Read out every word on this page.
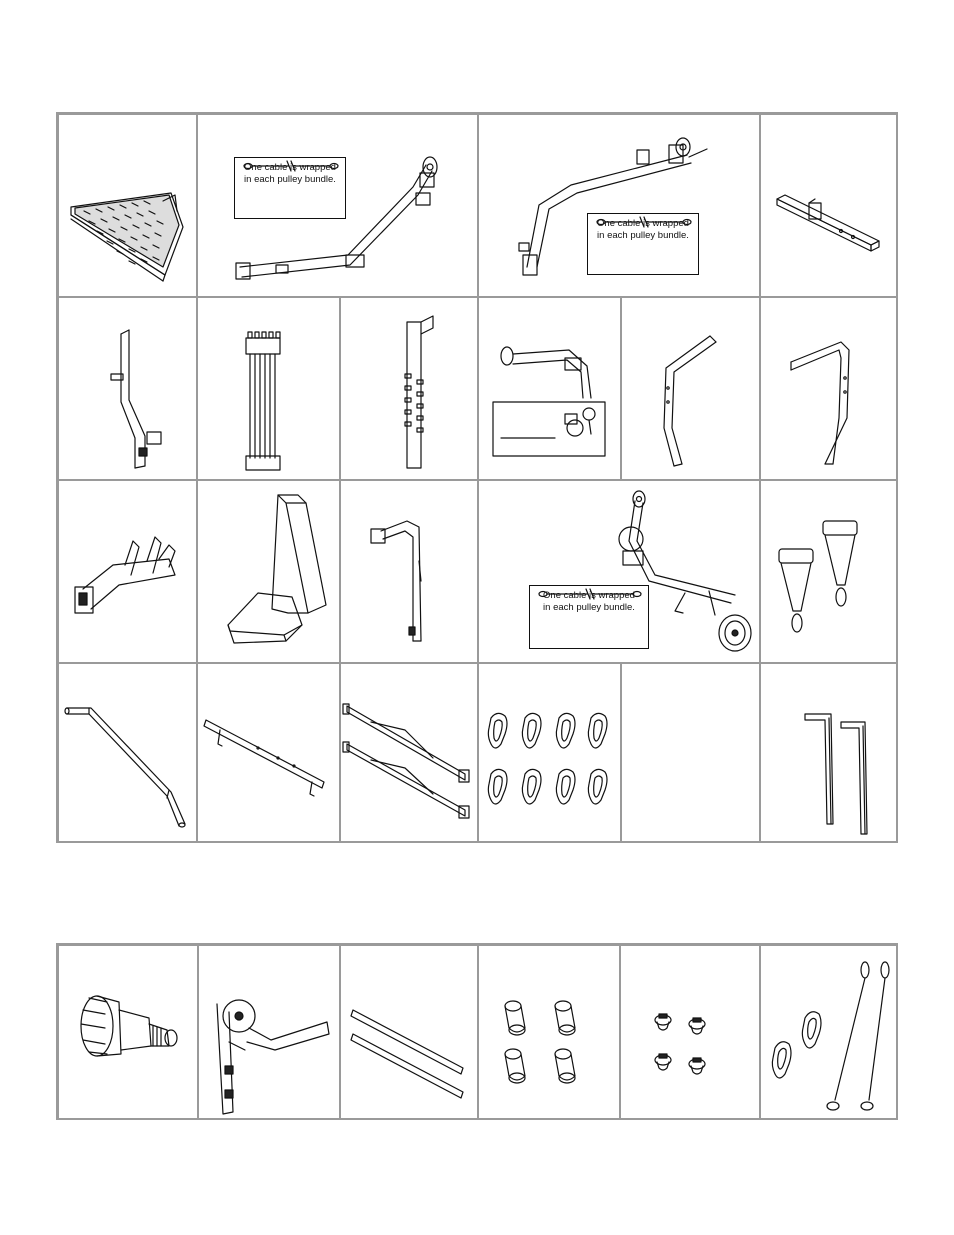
One cable is wrapped
in each pulley bundle.
One cable is wrapped
in each pulley bundle.
One cable is wrapped
in each pulley bundle.
